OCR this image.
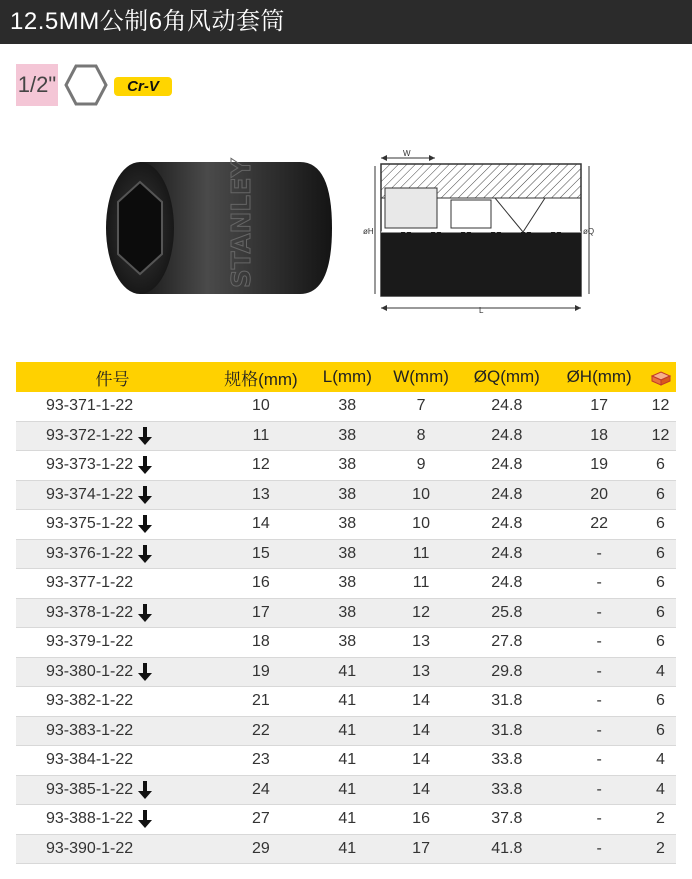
12.5MM公制6角风动套筒
1/2"	Cr-V
STANLEY
W
øH	øQ
L
件号	规格(mm)	L(mm)	W(mm)	ØQ(mm)	ØH(mm)	
93-371-1-22	10	38	7	24.8	17	12
93-372-1-22	11	38	8	24.8	18	12
93-373-1-22	12	38	9	24.8	19	6
93-374-1-22	13	38	10	24.8	20	6
93-375-1-22	14	38	10	24.8	22	6
93-376-1-22	15	38	11	24.8	-	6
93-377-1-22	16	38	11	24.8	-	6
93-378-1-22	17	38	12	25.8	-	6
93-379-1-22	18	38	13	27.8	-	6
93-380-1-22	19	41	13	29.8	-	4
93-382-1-22	21	41	14	31.8	-	6
93-383-1-22	22	41	14	31.8	-	6
93-384-1-22	23	41	14	33.8	-	4
93-385-1-22	24	41	14	33.8	-	4
93-388-1-22	27	41	16	37.8	-	2
93-390-1-22	29	41	17	41.8	-	2
